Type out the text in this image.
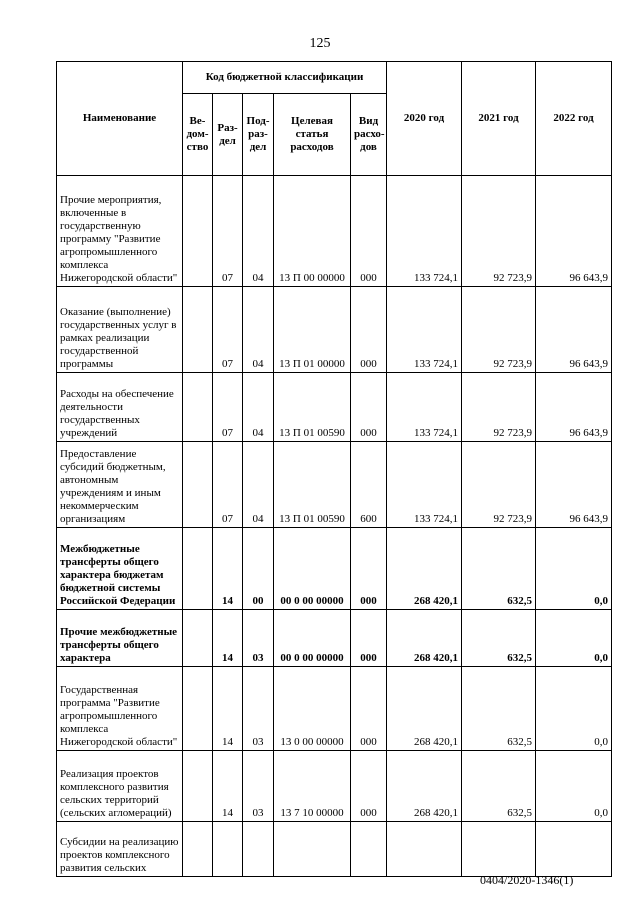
125
Наименование	Код бюджетной классификации					2020 год	2021 год	2022 год
	Ве-
дом-
ство	Раз-
дел	Под-
раз-
дел	Целевая
статья
расходов	Вид
расхо-
дов			
Прочие мероприятия, включенные в государственную программу "Развитие агропромышленного комплекса Нижегородской области"		07	04	13 П 00 00000	000	133 724,1	92 723,9	96 643,9
Оказание (выполнение) государственных услуг в рамках реализации государственной программы		07	04	13 П 01 00000	000	133 724,1	92 723,9	96 643,9
Расходы на обеспечение деятельности государственных учреждений		07	04	13 П 01 00590	000	133 724,1	92 723,9	96 643,9
Предоставление субсидий бюджетным, автономным учреждениям и иным некоммерческим организациям		07	04	13 П 01 00590	600	133 724,1	92 723,9	96 643,9
Межбюджетные трансферты общего характера бюджетам бюджетной системы Российской Федерации		14	00	00 0 00 00000	000	268 420,1	632,5	0,0
Прочие межбюджетные трансферты общего характера		14	03	00 0 00 00000	000	268 420,1	632,5	0,0
Государственная программа "Развитие агропромышленного комплекса Нижегородской области"		14	03	13 0 00 00000	000	268 420,1	632,5	0,0
Реализация проектов комплексного развития сельских территорий (сельских агломераций)		14	03	13 7 10 00000	000	268 420,1	632,5	0,0
Субсидии на реализацию проектов комплексного развития сельских								
0404/2020-1346(1)
